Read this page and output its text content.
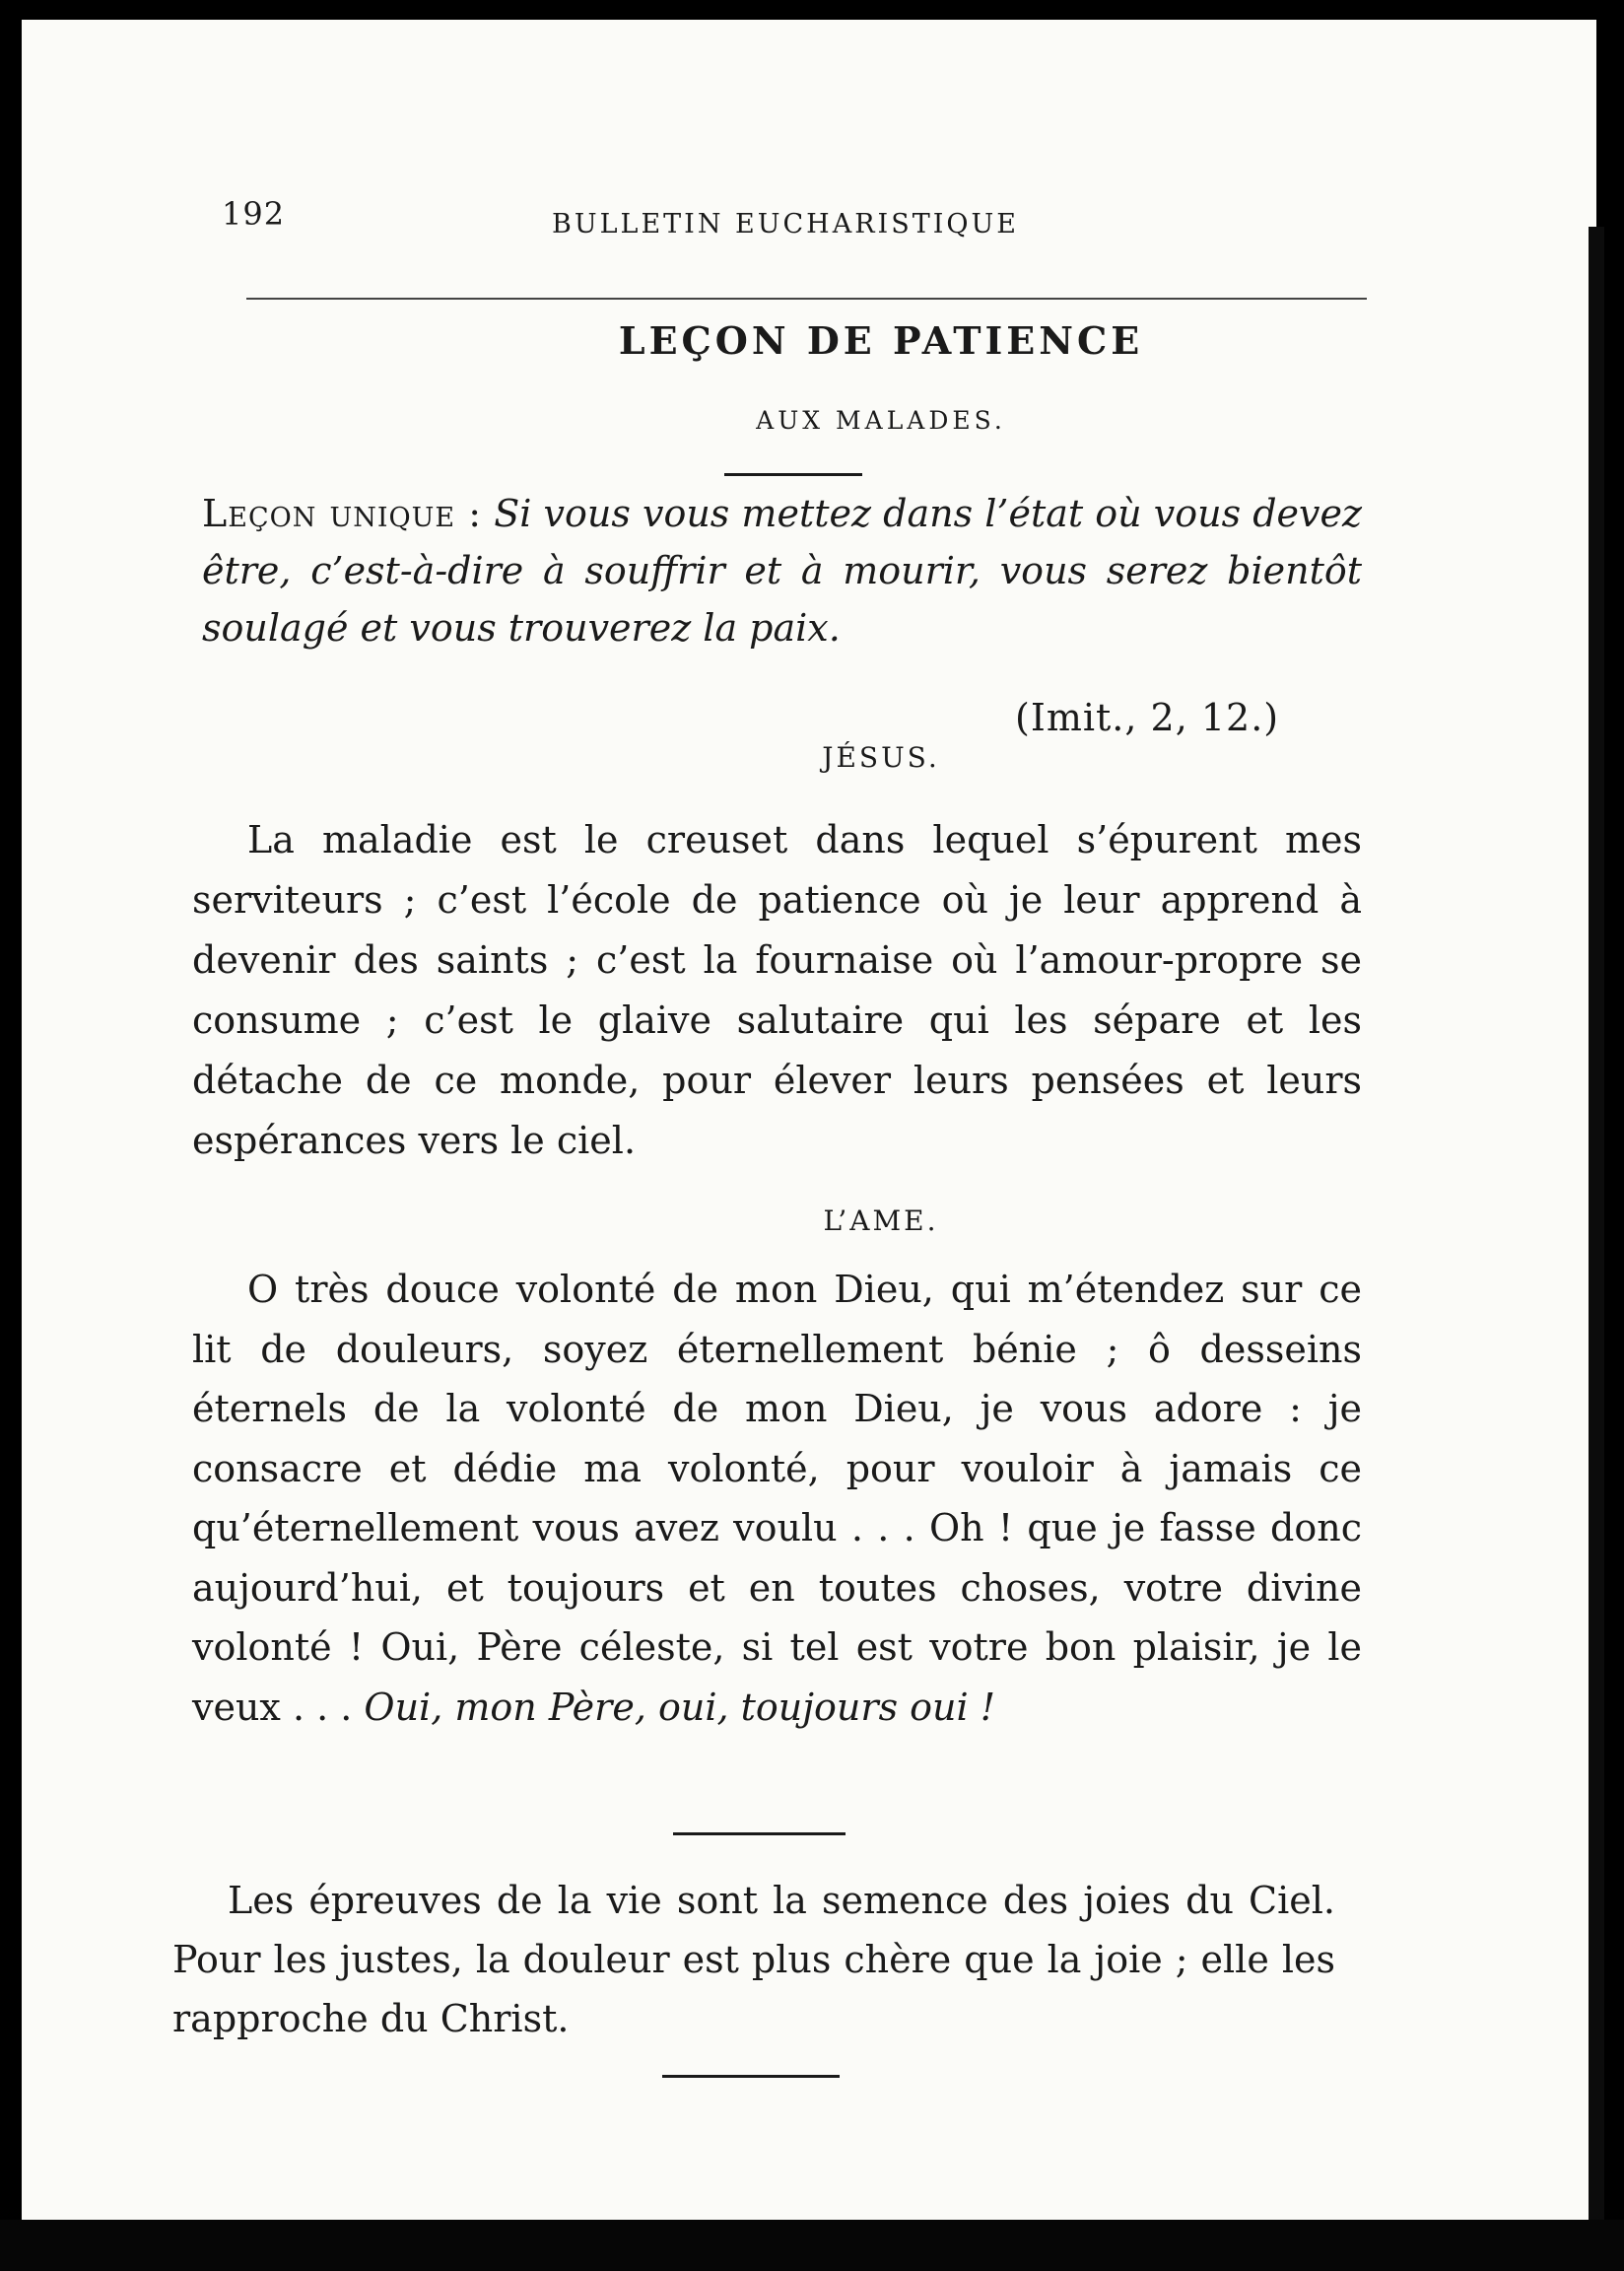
192	BULLETIN EUCHARISTIQUE
LEÇON DE PATIENCE
AUX MALADES.
Leçon unique : Si vous vous mettez dans l’état où vous devez être, c’est-à-dire à souffrir et à mourir, vous serez bientôt soulagé et vous trouverez la paix.
(Imit., 2, 12.)
JÉSUS.
La maladie est le creuset dans lequel s’épurent mes serviteurs ; c’est l’école de patience où je leur apprend à devenir des saints ; c’est la fournaise où l’amour-propre se consume ; c’est le glaive salutaire qui les sépare et les détache de ce monde, pour élever leurs pensées et leurs espérances vers le ciel.
L’AME.
O très douce volonté de mon Dieu, qui m’étendez sur ce lit de douleurs, soyez éternellement bénie ; ô desseins éternels de la volonté de mon Dieu, je vous adore : je consacre et dédie ma volonté, pour vouloir à jamais ce qu’éternellement vous avez voulu . . . Oh ! que je fasse donc aujourd’hui, et toujours et en toutes choses, votre divine volonté ! Oui, Père céleste, si tel est votre bon plaisir, je le veux . . . Oui, mon Père, oui, toujours oui !
Les épreuves de la vie sont la semence des joies du Ciel. Pour les justes, la douleur est plus chère que la joie ; elle les rapproche du Christ.
